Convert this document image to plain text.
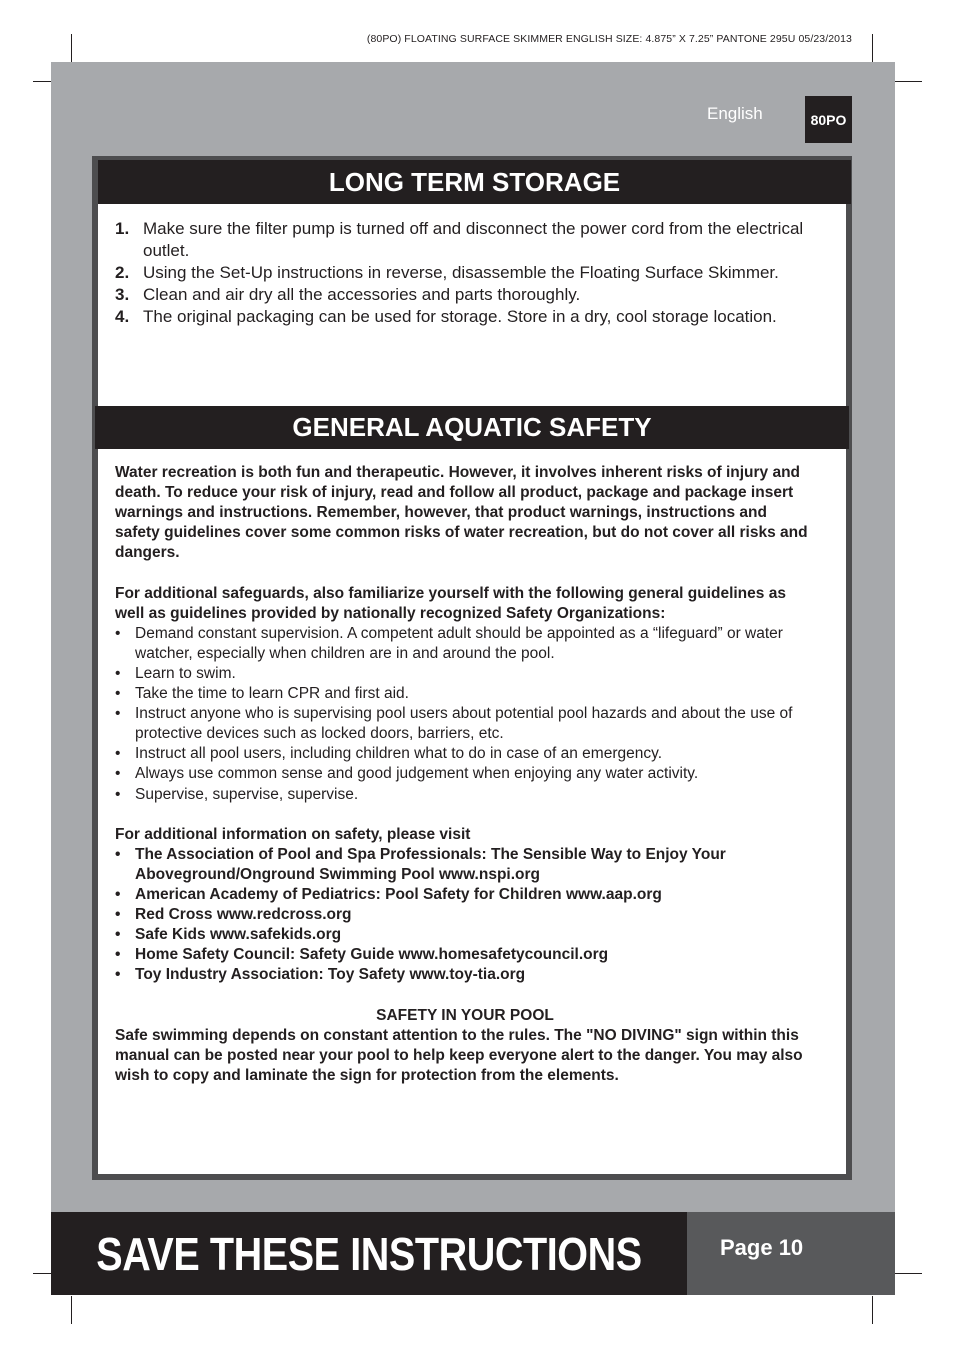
(80PO) FLOATING SURFACE SKIMMER ENGLISH SIZE: 4.875” X 7.25” PANTONE 295U 05/23/2013
English	80PO
LONG TERM STORAGE
1. Make sure the filter pump is turned off and disconnect the power cord from the electrical outlet.
2. Using the Set-Up instructions in reverse, disassemble the Floating Surface Skimmer.
3. Clean and air dry all the accessories and parts thoroughly.
4. The original packaging can be used for storage. Store in a dry, cool storage location.
GENERAL AQUATIC SAFETY

Water recreation is both fun and therapeutic. However, it involves inherent risks of injury and death. To reduce your risk of injury, read and follow all product, package and package insert warnings and instructions. Remember, however, that product warnings, instructions and safety guidelines cover some common risks of water recreation, but do not cover all risks and dangers.

For additional safeguards, also familiarize yourself with the following general guidelines as well as guidelines provided by nationally recognized Safety Organizations:

• Demand constant supervision. A competent adult should be appointed as a “lifeguard” or water watcher, especially when children are in and around the pool.
• Learn to swim.
• Take the time to learn CPR and first aid.
• Instruct anyone who is supervising pool users about potential pool hazards and about the use of protective devices such as locked doors, barriers, etc.
• Instruct all pool users, including children what to do in case of an emergency.
• Always use common sense and good judgement when enjoying any water activity.
• Supervise, supervise, supervise.

For additional information on safety, please visit

• The Association of Pool and Spa Professionals: The Sensible Way to Enjoy Your Aboveground/Onground Swimming Pool www.nspi.org
• American Academy of Pediatrics: Pool Safety for Children www.aap.org
• Red Cross www.redcross.org
• Safe Kids www.safekids.org
• Home Safety Council: Safety Guide www.homesafetycouncil.org
• Toy Industry Association: Toy Safety www.toy-tia.org

SAFETY IN YOUR POOL

Safe swimming depends on constant attention to the rules. The "NO DIVING" sign within this manual can be posted near your pool to help keep everyone alert to the danger. You may also wish to copy and laminate the sign for protection from the elements.

SAVE THESE INSTRUCTIONS	Page 10
